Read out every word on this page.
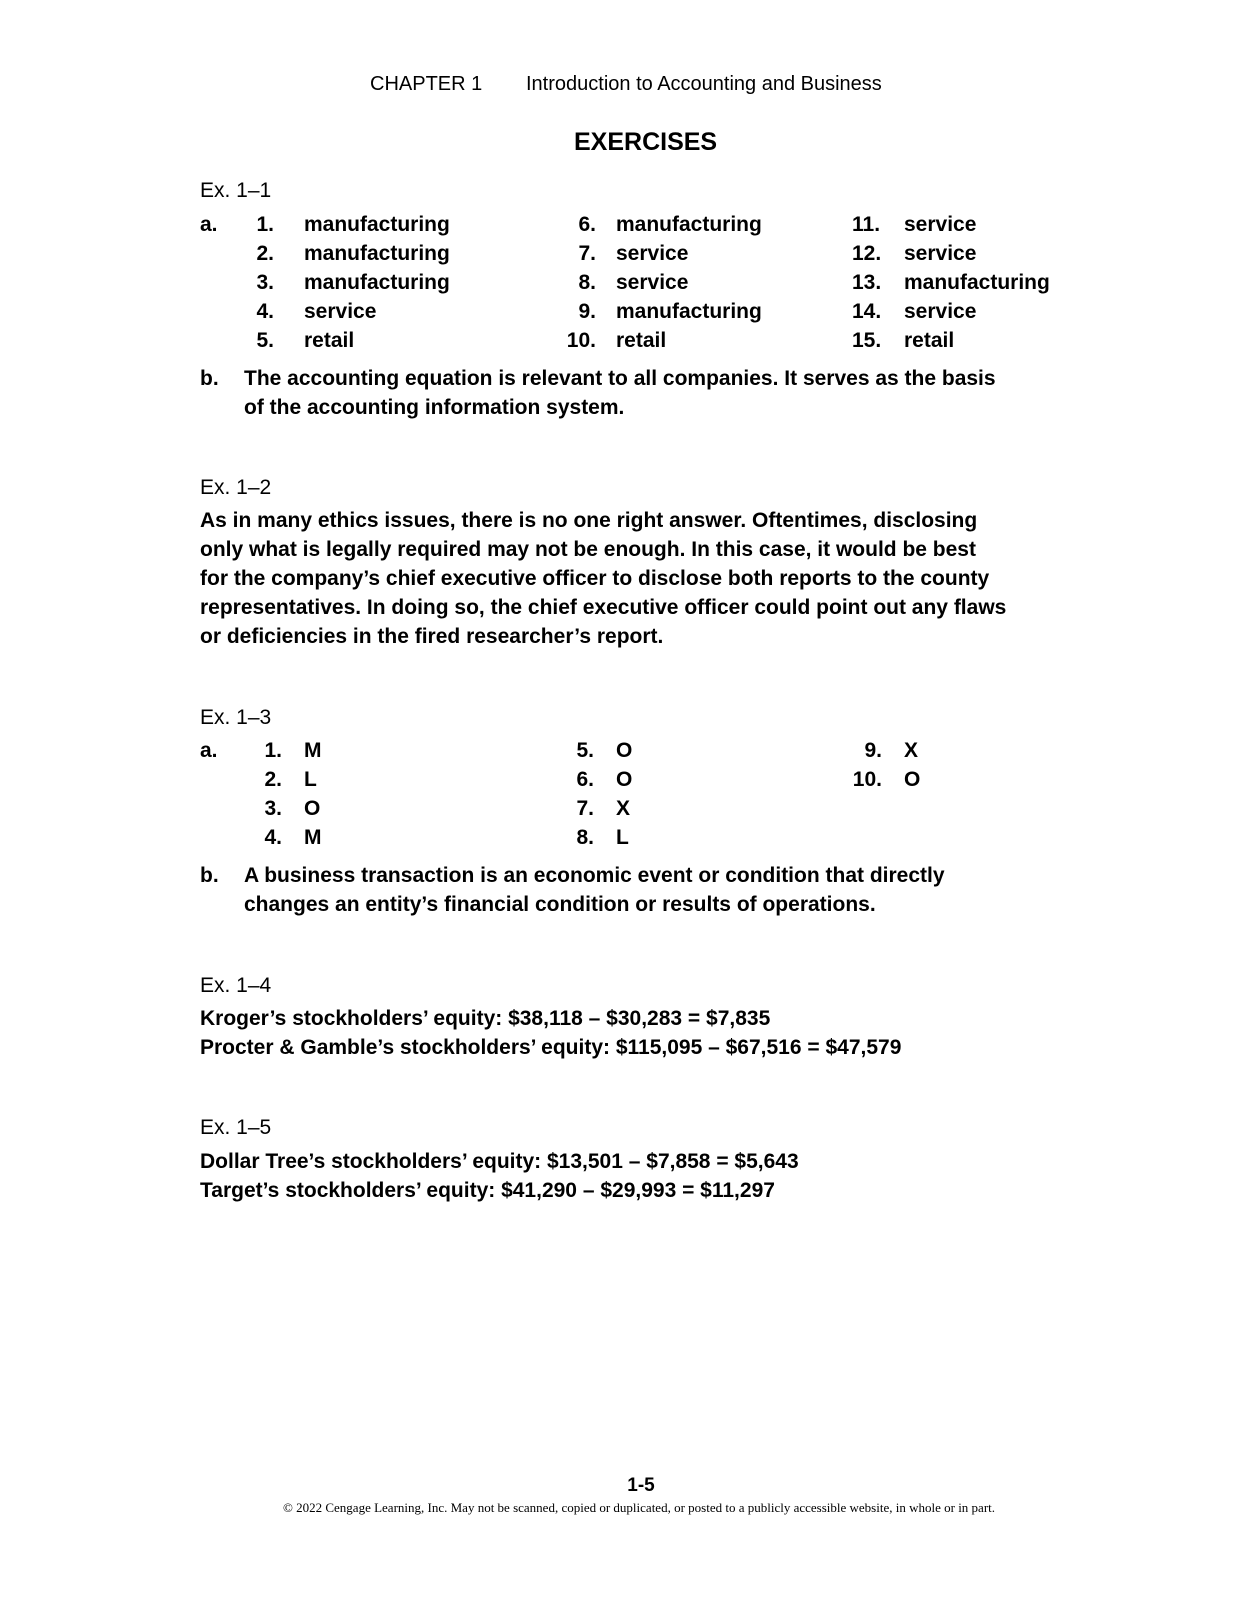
CHAPTER 1 Introduction to Accounting and Business
EXERCISES
Ex. 1–1
a.	1. manufacturing
2. manufacturing
3. manufacturing
4. service
5. retail
6. manufacturing
7. service
8. service
9. manufacturing
10. retail
11. service
12. service
13. manufacturing
14. service
15. retail
b. The accounting equation is relevant to all companies. It serves as the basis
of the accounting information system.
Ex. 1–2
As in many ethics issues, there is no one right answer. Oftentimes, disclosing
only what is legally required may not be enough. In this case, it would be best
for the company’s chief executive officer to disclose both reports to the county
representatives. In doing so, the chief executive officer could point out any flaws
or deficiencies in the fired researcher’s report.
Ex. 1–3
a.	1. M
2. L
3. O
4. M
5. O
6. O
7. X
8. L
9. X
10. O
b. A business transaction is an economic event or condition that directly
changes an entity’s financial condition or results of operations.
Ex. 1–4
Kroger’s stockholders’ equity: $38,118 – $30,283 = $7,835
Procter & Gamble’s stockholders’ equity: $115,095 – $67,516 = $47,579
Ex. 1–5
Dollar Tree’s stockholders’ equity: $13,501 – $7,858 = $5,643
Target’s stockholders’ equity: $41,290 – $29,993 = $11,297
1-5
© 2022 Cengage Learning, Inc. May not be scanned, copied or duplicated, or posted to a publicly accessible website, in whole or in part.
